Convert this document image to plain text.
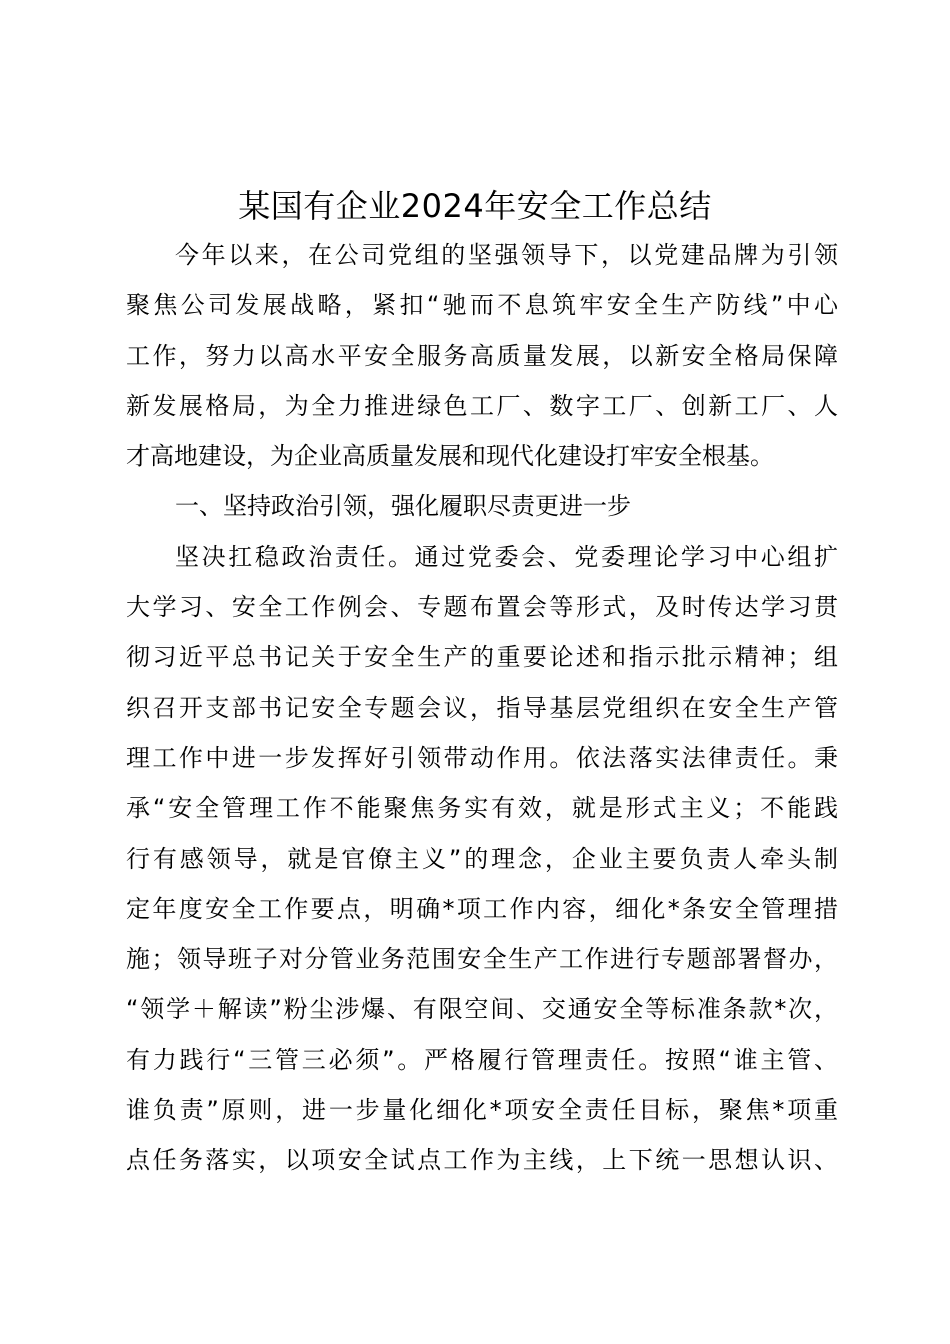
某国有企业2024年安全工作总结
今年以来，在公司党组的坚强领导下，以党建品牌为引领
聚焦公司发展战略，紧扣“驰而不息筑牢安全生产防线”中心
工作，努力以高水平安全服务高质量发展，以新安全格局保障
新发展格局，为全力推进绿色工厂、数字工厂、创新工厂、人
才高地建设，为企业高质量发展和现代化建设打牢安全根基。
一、坚持政治引领，强化履职尽责更进一步
坚决扛稳政治责任。通过党委会、党委理论学习中心组扩
大学习、安全工作例会、专题布置会等形式，及时传达学习贯
彻习近平总书记关于安全生产的重要论述和指示批示精神；组
织召开支部书记安全专题会议，指导基层党组织在安全生产管
理工作中进一步发挥好引领带动作用。依法落实法律责任。秉
承“安全管理工作不能聚焦务实有效，就是形式主义；不能践
行有感领导，就是官僚主义”的理念，企业主要负责人牵头制
定年度安全工作要点，明确*项工作内容，细化*条安全管理措
施；领导班子对分管业务范围安全生产工作进行专题部署督办，
“领学＋解读”粉尘涉爆、有限空间、交通安全等标准条款*次，
有力践行“三管三必须”。严格履行管理责任。按照“谁主管、
谁负责”原则，进一步量化细化*项安全责任目标，聚焦*项重
点任务落实，以项安全试点工作为主线，上下统一思想认识、
